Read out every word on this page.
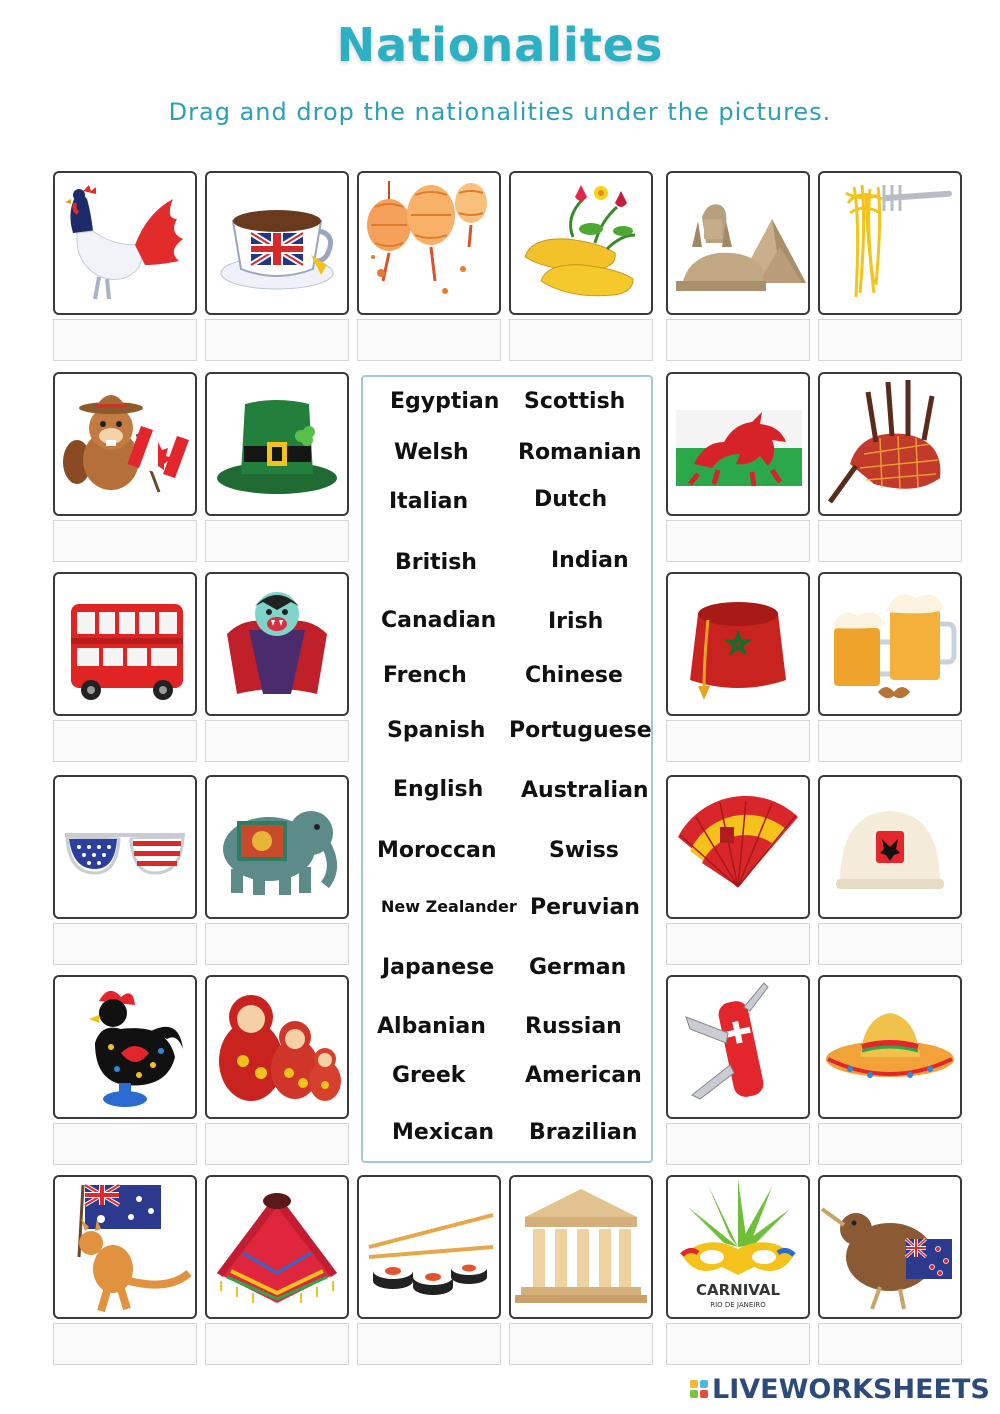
Nationalites
Drag and drop the nationalities under the pictures.
CARNIVAL
RIO DE JANEIRO
Egyptian Scottish
Welsh Romanian
Italian	Dutch
British	Indian
Canadian Irish
French	Chinese
Spanish Portuguese
English Australian
Moroccan Swiss
New Zealander Peruvian
Japanese German
Albanian Russian
Greek	American
Mexican Brazilian
LIVEWORKSHEETS
